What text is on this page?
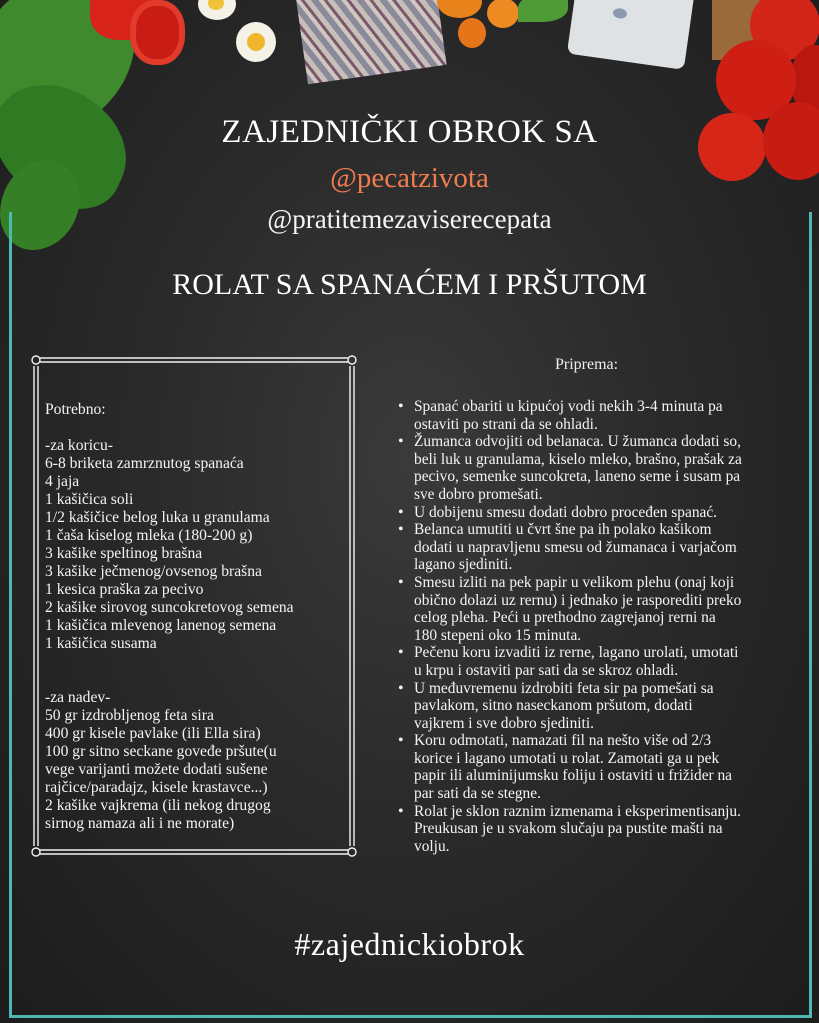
ZAJEDNIČKI OBROK SA
@pecatzivota
@pratitemezaviserecepata
ROLAT SA SPANAĆEM I PRŠUTOM
Potrebno:
-za koricu-
6-8 briketa zamrznutog spanaća
4 jaja
1 kašičica soli
1/2 kašičice belog luka u granulama
1 čaša kiselog mleka (180-200 g)
3 kašike speltinog brašna
3 kašike ječmenog/ovsenog brašna
1 kesica praška za pecivo
2 kašike sirovog suncokretovog semena
1 kašičica mlevenog lanenog semena
1 kašičica susama
-za nadev-
50 gr izdrobljenog feta sira
400 gr kisele pavlake (ili Ella sira)
100 gr sitno seckane goveđe pršute(u
vege varijanti možete dodati sušene
rajčice/paradajz, kisele krastavce...)
2 kašike vajkrema (ili nekog drugog
sirnog namaza ali i ne morate)
Priprema:
• Spanać obariti u kipućoj vodi nekih 3-4 minuta pa
ostaviti po strani da se ohladi.
• Žumanca odvojiti od belanaca. U žumanca dodati so,
beli luk u granulama, kiselo mleko, brašno, prašak za
pecivo, semenke suncokreta, laneno seme i susam pa
sve dobro promešati.
• U dobijenu smesu dodati dobro proceđen spanać.
• Belanca umutiti u čvrt šne pa ih polako kašikom
dodati u napravljenu smesu od žumanaca i varjačom
lagano sjediniti.
• Smesu izliti na pek papir u velikom plehu (onaj koji
obično dolazi uz rernu) i jednako je rasporediti preko
celog pleha. Peći u prethodno zagrejanoj rerni na
180 stepeni oko 15 minuta.
• Pečenu koru izvaditi iz rerne, lagano urolati, umotati
u krpu i ostaviti par sati da se skroz ohladi.
• U međuvremenu izdrobiti feta sir pa pomešati sa
pavlakom, sitno naseckanom pršutom, dodati
vajkrem i sve dobro sjediniti.
• Koru odmotati, namazati fil na nešto više od 2/3
korice i lagano umotati u rolat. Zamotati ga u pek
papir ili aluminijumsku foliju i ostaviti u frižider na
par sati da se stegne.
• Rolat je sklon raznim izmenama i eksperimentisanju.
Preukusan je u svakom slučaju pa pustite mašti na
volju.
#zajednickiobrok
